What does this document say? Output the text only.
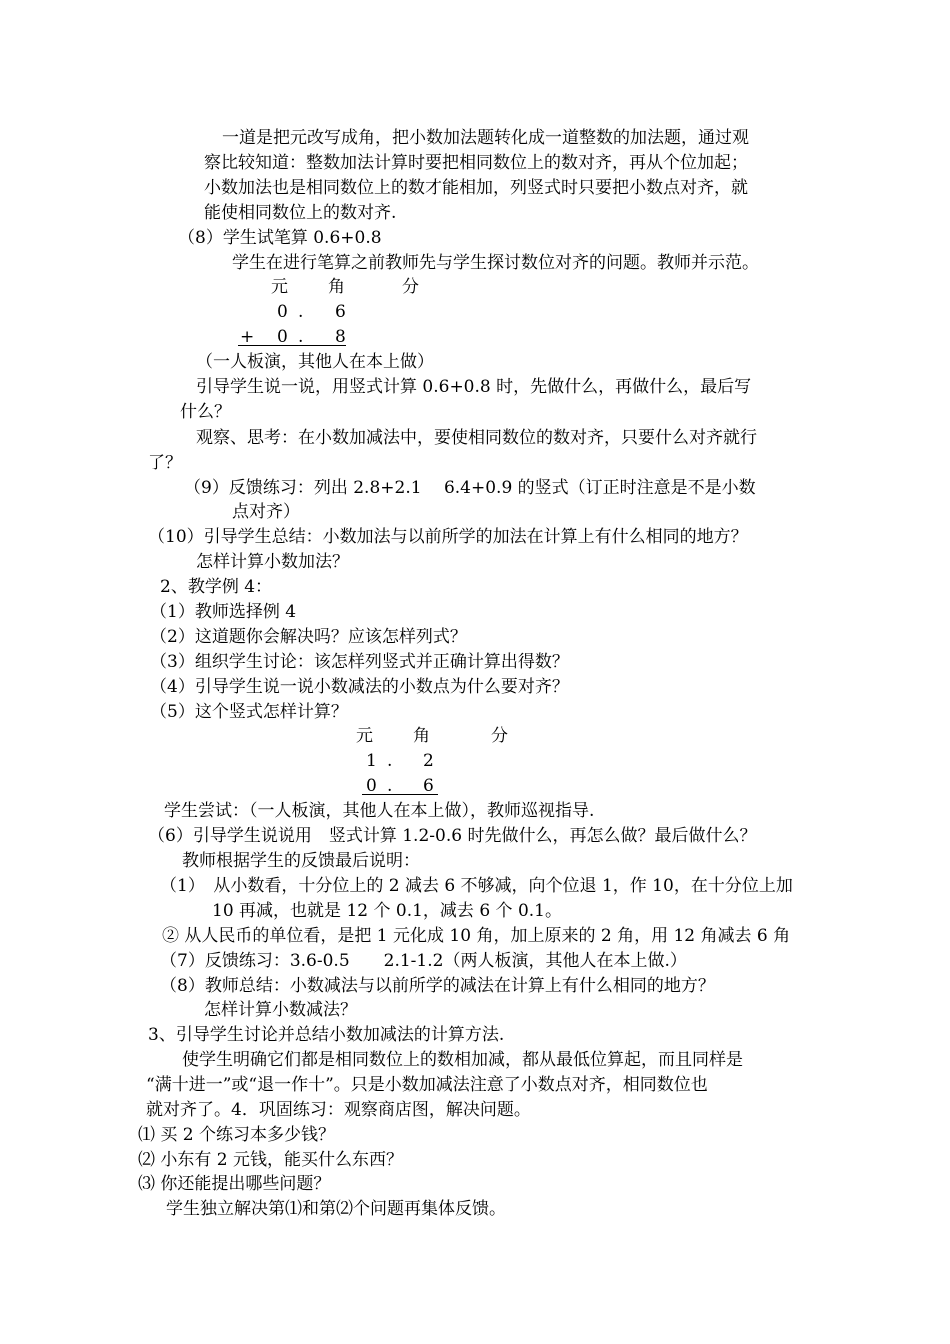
一道是把元改写成角，把小数加法题转化成一道整数的加法题，通过观
察比较知道：整数加法计算时要把相同数位上的数对齐，再从个位加起；
小数加法也是相同数位上的数才能相加，列竖式时只要把小数点对齐，就
能使相同数位上的数对齐.
（8）学生试笔算 0.6+0.8
学生在进行笔算之前教师先与学生探讨数位对齐的问题。教师并示范。
元 角	分
0 . 6
+ 0 . 8
（一人板演，其他人在本上做）
引导学生说一说，用竖式计算 0.6+0.8 时，先做什么，再做什么，最后写
什么？
观察、思考：在小数加减法中，要使相同数位的数对齐，只要什么对齐就行
了？
（9）反馈练习：列出 2.8+2.1　 6.4+0.9 的竖式（订正时注意是不是小数
点对齐）
（10）引导学生总结：小数加法与以前所学的加法在计算上有什么相同的地方？
怎样计算小数加法？
2、教学例 4：
（1）教师选择例 4
（2）这道题你会解决吗？应该怎样列式？
（3）组织学生讨论：该怎样列竖式并正确计算出得数？
（4）引导学生说一说小数减法的小数点为什么要对齐？
（5）这个竖式怎样计算？
元 角	分
1 . 2
0 . 6
学生尝试：（一人板演，其他人在本上做），教师巡视指导.
（6）引导学生说说用　竖式计算 1.2-0.6 时先做什么，再怎么做？最后做什么？
教师根据学生的反馈最后说明：
（1）　从小数看，十分位上的 2 减去 6 不够减，向个位退 1，作 10，在十分位上加
10 再减，也就是 12 个 0.1，减去 6 个 0.1。
② 从人民币的单位看，是把 1 元化成 10 角，加上原来的 2 角，用 12 角减去 6 角
（7）反馈练习：3.6-0.5　　2.1-1.2（两人板演，其他人在本上做.）
（8）教师总结：小数减法与以前所学的减法在计算上有什么相同的地方？
怎样计算小数减法？
3、引导学生讨论并总结小数加减法的计算方法.
使学生明确它们都是相同数位上的数相加减，都从最低位算起，而且同样是
“满十进一”或“退一作十”。只是小数加减法注意了小数点对齐，相同数位也
就对齐了。4．巩固练习：观察商店图，解决问题。
⑴ 买 2 个练习本多少钱？
⑵ 小东有 2 元钱，能买什么东西？
⑶ 你还能提出哪些问题？
学生独立解决第⑴和第⑵个问题再集体反馈。
